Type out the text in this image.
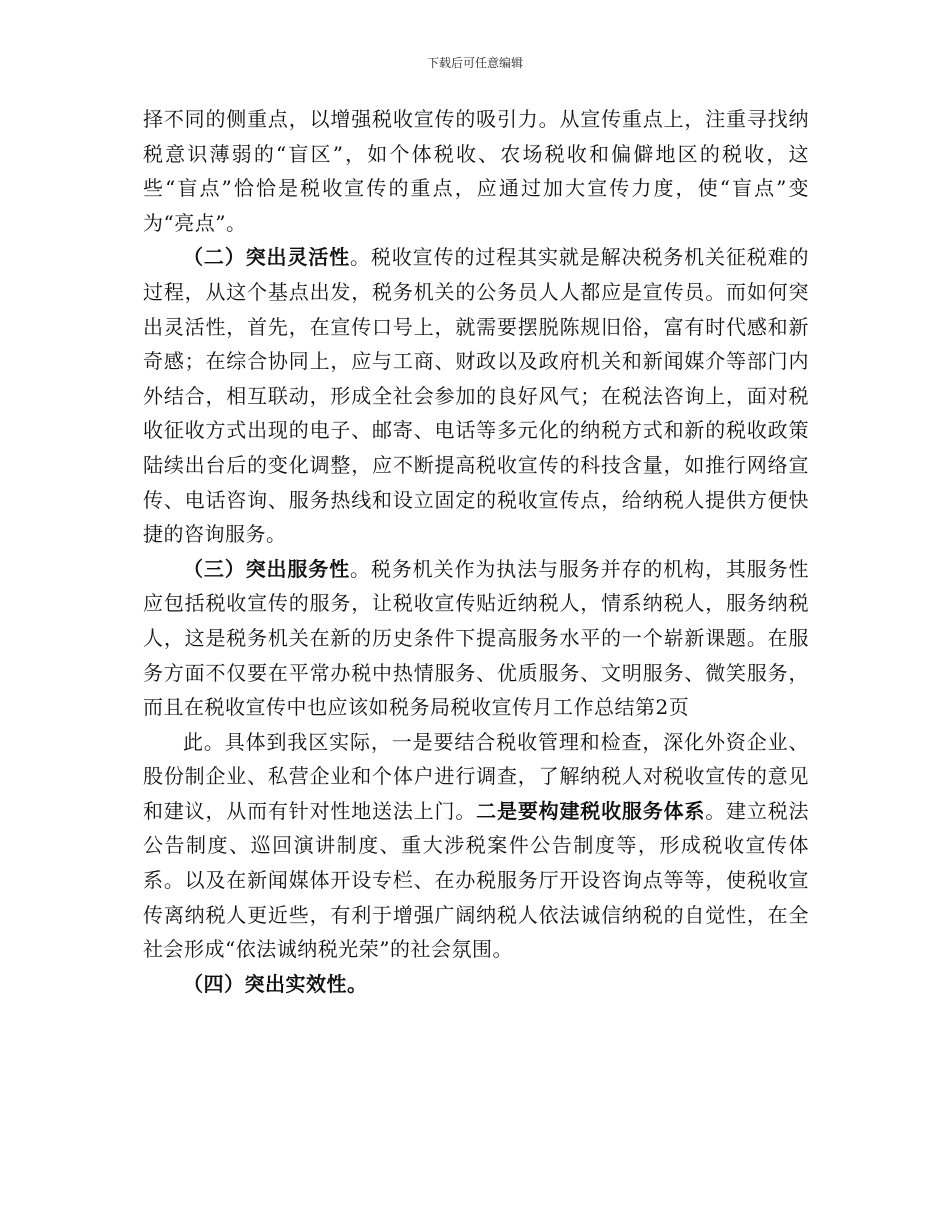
下载后可任意编辑

择不同的侧重点，以增强税收宣传的吸引力。从宣传重点上，注重寻找纳税意识薄弱的“盲区”，如个体税收、农场税收和偏僻地区的税收，这些“盲点”恰恰是税收宣传的重点，应通过加大宣传力度，使“盲点”变为“亮点”。

（二）突出灵活性。税收宣传的过程其实就是解决税务机关征税难的过程，从这个基点出发，税务机关的公务员人人都应是宣传员。而如何突出灵活性，首先，在宣传口号上，就需要摆脱陈规旧俗，富有时代感和新奇感；在综合协同上，应与工商、财政以及政府机关和新闻媒介等部门内外结合，相互联动，形成全社会参加的良好风气；在税法咨询上，面对税收征收方式出现的电子、邮寄、电话等多元化的纳税方式和新的税收政策陆续出台后的变化调整，应不断提高税收宣传的科技含量，如推行网络宣传、电话咨询、服务热线和设立固定的税收宣传点，给纳税人提供方便快捷的咨询服务。

（三）突出服务性。税务机关作为执法与服务并存的机构，其服务性应包括税收宣传的服务，让税收宣传贴近纳税人，情系纳税人，服务纳税人，这是税务机关在新的历史条件下提高服务水平的一个崭新课题。在服务方面不仅要在平常办税中热情服务、优质服务、文明服务、微笑服务，而且在税收宣传中也应该如税务局税收宣传月工作总结第2页

此。具体到我区实际，一是要结合税收管理和检查，深化外资企业、股份制企业、私营企业和个体户进行调查，了解纳税人对税收宣传的意见和建议，从而有针对性地送法上门。二是要构建税收服务体系。建立税法公告制度、巡回演讲制度、重大涉税案件公告制度等，形成税收宣传体系。以及在新闻媒体开设专栏、在办税服务厅开设咨询点等等，使税收宣传离纳税人更近些，有利于增强广阔纳税人依法诚信纳税的自觉性，在全社会形成“依法诚纳税光荣”的社会氛围。

（四）突出实效性。
